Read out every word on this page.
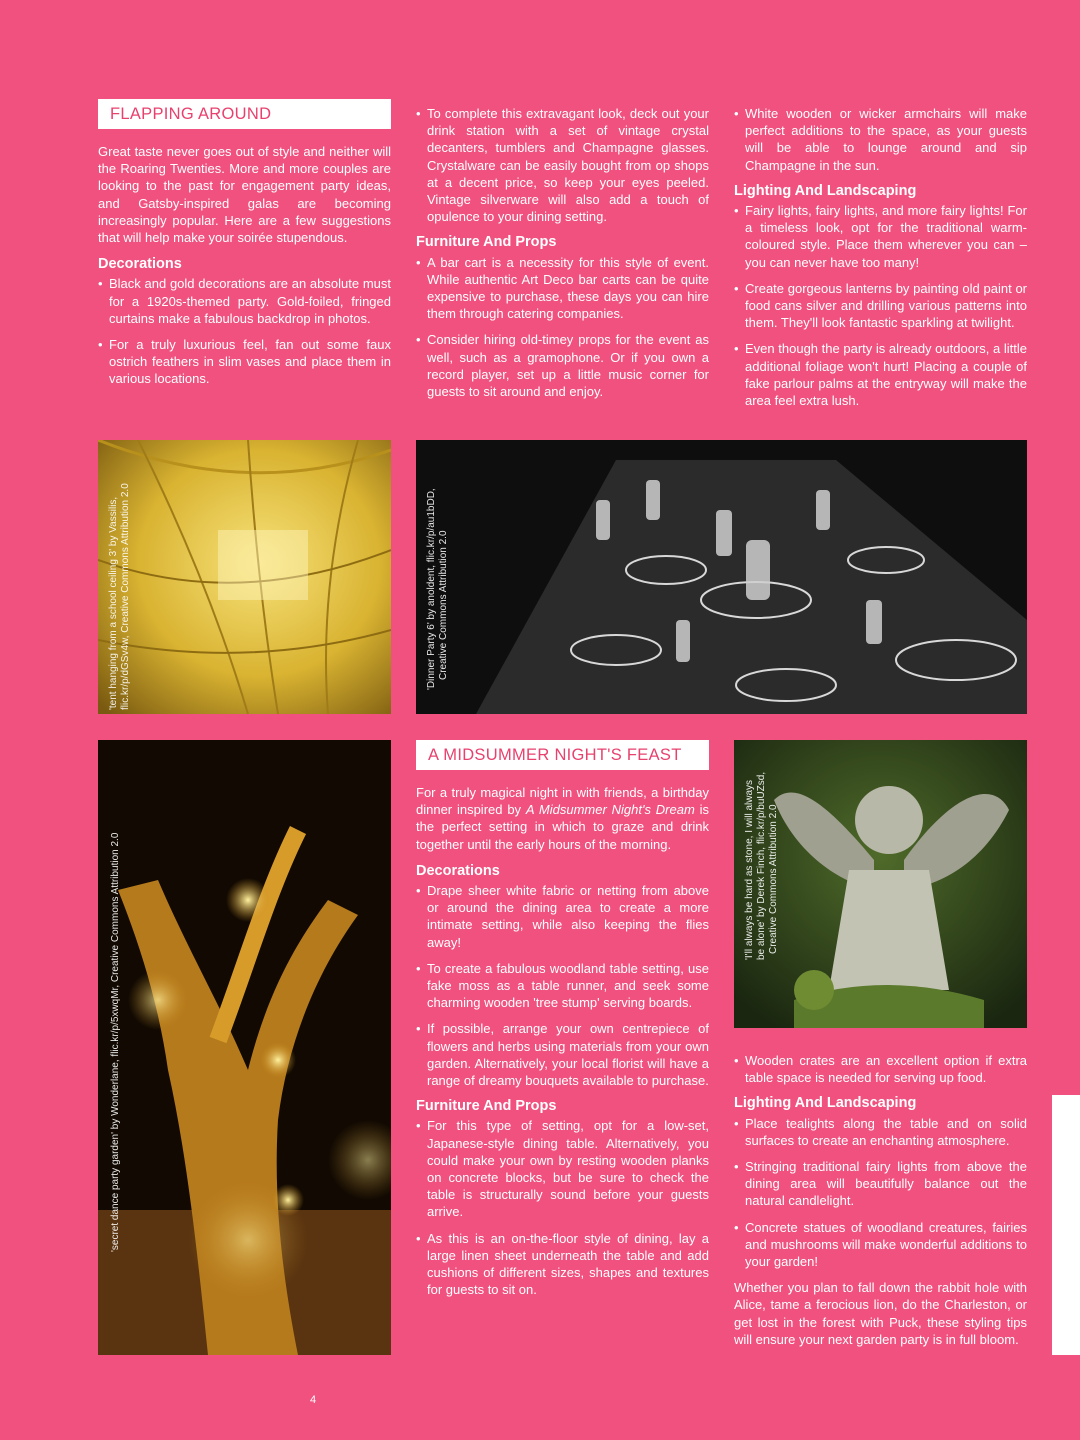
FLAPPING AROUND

Great taste never goes out of style and neither will the Roaring Twenties. More and more couples are looking to the past for engagement party ideas, and Gatsby-inspired galas are becoming increasingly popular. Here are a few suggestions that will help make your soirée stupendous.

Decorations
• Black and gold decorations are an absolute must for a 1920s-themed party. Gold-foiled, fringed curtains make a fabulous backdrop in photos.
• For a truly luxurious feel, fan out some faux ostrich feathers in slim vases and place them in various locations.
• To complete this extravagant look, deck out your drink station with a set of vintage crystal decanters, tumblers and Champagne glasses. Crystalware can be easily bought from op shops at a decent price, so keep your eyes peeled. Vintage silverware will also add a touch of opulence to your dining setting.
Furniture And Props
• A bar cart is a necessity for this style of event. While authentic Art Deco bar carts can be quite expensive to purchase, these days you can hire them through catering companies.
• Consider hiring old-timey props for the event as well, such as a gramophone. Or if you own a record player, set up a little music corner for guests to sit around and enjoy.
• White wooden or wicker armchairs will make perfect additions to the space, as your guests will be able to lounge around and sip Champagne in the sun.
Lighting And Landscaping
• Fairy lights, fairy lights, and more fairy lights! For a timeless look, opt for the traditional warm-coloured style. Place them wherever you can – you can never have too many!
• Create gorgeous lanterns by painting old paint or food cans silver and drilling various patterns into them. They'll look fantastic sparkling at twilight.
• Even though the party is already outdoors, a little additional foliage won't hurt! Placing a couple of fake parlour palms at the entryway will make the area feel extra lush.
'tent hanging from a school ceiling 3' by Vassilis, flic.kr/p/dGSv4w, Creative Commons Attribution 2.0	'Dinner Party 6' by anoldent, flic.kr/p/au1bDD, Creative Commons Attribution 2.0
'secret dance party garden' by Wonderlane, flic.kr/p/5xwqMr, Creative Commons Attribution 2.0
A MIDSUMMER NIGHT'S FEAST

For a truly magical night in with friends, a birthday dinner inspired by A Midsummer Night's Dream is the perfect setting in which to graze and drink together until the early hours of the morning.

Decorations
• Drape sheer white fabric or netting from above or around the dining area to create a more intimate setting, while also keeping the flies away!
• To create a fabulous woodland table setting, use fake moss as a table runner, and seek some charming wooden 'tree stump' serving boards.
• If possible, arrange your own centrepiece of flowers and herbs using materials from your own garden. Alternatively, your local florist will have a range of dreamy bouquets available to purchase.
Furniture And Props
• For this type of setting, opt for a low-set, Japanese-style dining table. Alternatively, you could make your own by resting wooden planks on concrete blocks, but be sure to check the table is structurally sound before your guests arrive.
• As this is an on-the-floor style of dining, lay a large linen sheet underneath the table and add cushions of different sizes, shapes and textures for guests to sit on.
'I'll always be hard as stone, I will always be alone' by Derek Finch, flic.kr/p/buUZsd, Creative Commons Attribution 2.0
• Wooden crates are an excellent option if extra table space is needed for serving up food.
Lighting And Landscaping
• Place tealights along the table and on solid surfaces to create an enchanting atmosphere.
• Stringing traditional fairy lights from above the dining area will beautifully balance out the natural candlelight.
• Concrete statues of woodland creatures, fairies and mushrooms will make wonderful additions to your garden!

Whether you plan to fall down the rabbit hole with Alice, tame a ferocious lion, do the Charleston, or get lost in the forest with Puck, these styling tips will ensure your next garden party is in full bloom.

4
